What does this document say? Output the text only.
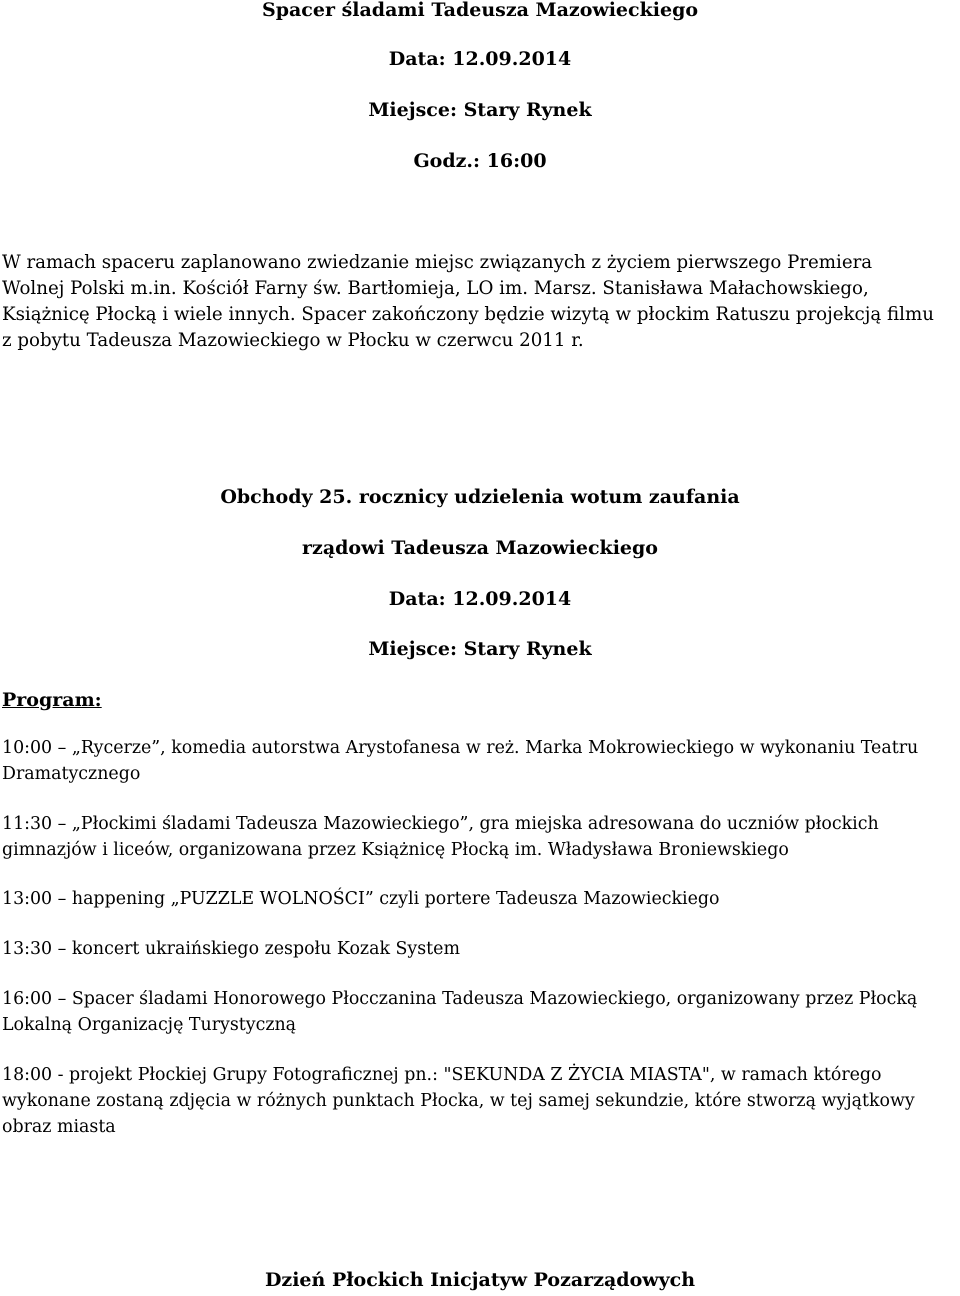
Spacer śladami Tadeusza Mazowieckiego
Data: 12.09.2014
Miejsce: Stary Rynek
Godz.: 16:00
W ramach spaceru zaplanowano zwiedzanie miejsc związanych z życiem pierwszego Premiera
Wolnej Polski m.in. Kościół Farny św. Bartłomieja, LO im. Marsz. Stanisława Małachowskiego,
Książnicę Płocką i wiele innych. Spacer zakończony będzie wizytą w płockim Ratuszu projekcją filmu
z pobytu Tadeusza Mazowieckiego w Płocku w czerwcu 2011 r.
Obchody 25. rocznicy udzielenia wotum zaufania
rządowi Tadeusza Mazowieckiego
Data: 12.09.2014
Miejsce: Stary Rynek
Program:
10:00 – „Rycerze”, komedia autorstwa Arystofanesa w reż. Marka Mokrowieckiego w wykonaniu Teatru
Dramatycznego
11:30 – „Płockimi śladami Tadeusza Mazowieckiego”, gra miejska adresowana do uczniów płockich
gimnazjów i liceów, organizowana przez Książnicę Płocką im. Władysława Broniewskiego
13:00 – happening „PUZZLE WOLNOŚCI” czyli portere Tadeusza Mazowieckiego
13:30 – koncert ukraińskiego zespołu Kozak System
16:00 – Spacer śladami Honorowego Płocczanina Tadeusza Mazowieckiego, organizowany przez Płocką
Lokalną Organizację Turystyczną
18:00 - projekt Płockiej Grupy Fotograficznej pn.: "SEKUNDA Z ŻYCIA MIASTA", w ramach którego
wykonane zostaną zdjęcia w różnych punktach Płocka, w tej samej sekundzie, które stworzą wyjątkowy
obraz miasta
Dzień Płockich Inicjatyw Pozarządowych
